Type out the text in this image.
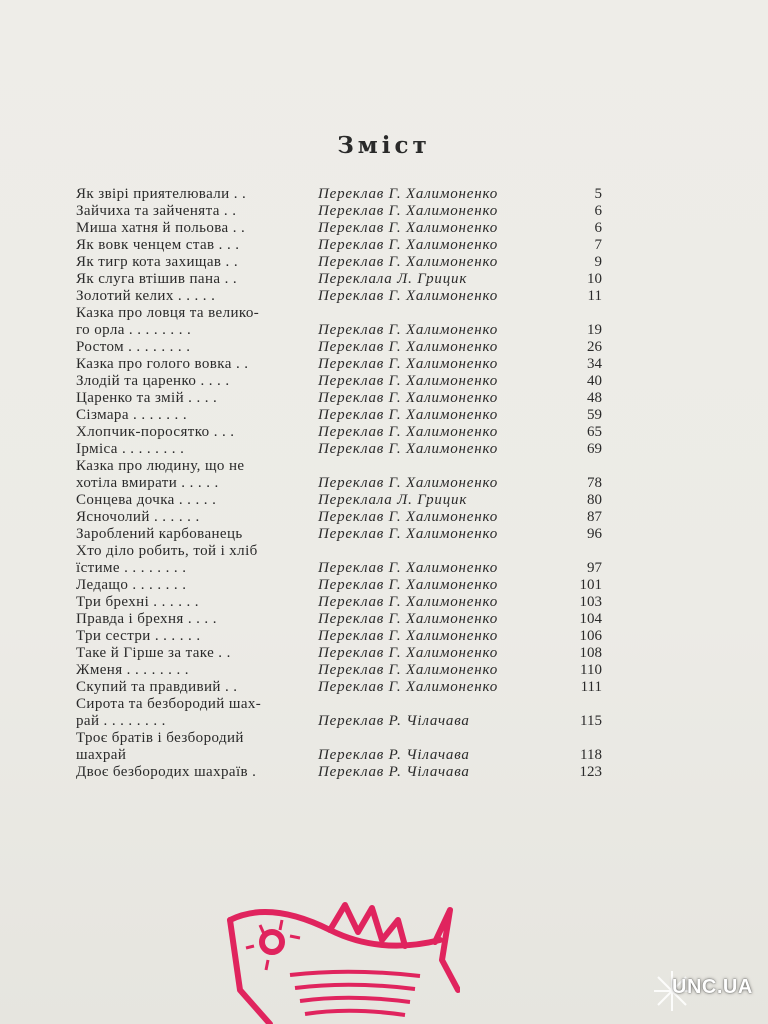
Зміст
Як звірі приятелювали . .	Переклав Г. Халимоненко	5
Зайчиха та зайченята . .	Переклав Г. Халимоненко	6
Миша хатня й польова . .	Переклав Г. Халимоненко	6
Як вовк ченцем став . . .	Переклав Г. Халимоненко	7
Як тигр кота захищав . .	Переклав Г. Халимоненко	9
Як слуга втішив пана . .	Переклала Л. Грицик	10
Золотий келих . . . . .	Переклав Г. Халимоненко	11
Казка про ловця та велико-
го орла . . . . . . . .	Переклав Г. Халимоненко	19
Ростом . . . . . . . .	Переклав Г. Халимоненко	26
Казка про голого вовка . .	Переклав Г. Халимоненко	34
Злодій та царенко . . . .	Переклав Г. Халимоненко	40
Царенко та змій . . . .	Переклав Г. Халимоненко	48
Сізмара . . . . . . .	Переклав Г. Халимоненко	59
Хлопчик-поросятко . . .	Переклав Г. Халимоненко	65
Ірміса . . . . . . . .	Переклав Г. Халимоненко	69
Казка про людину, що не
хотіла вмирати . . . . .	Переклав Г. Халимоненко	78
Сонцева дочка . . . . .	Переклала Л. Грицик	80
Ясночолий . . . . . .	Переклав Г. Халимоненко	87
Зароблений карбованець	Переклав Г. Халимоненко	96
Хто діло робить, той і хліб
їстиме . . . . . . . .	Переклав Г. Халимоненко	97
Ледащо . . . . . . .	Переклав Г. Халимоненко	101
Три брехні . . . . . .	Переклав Г. Халимоненко	103
Правда і брехня . . . .	Переклав Г. Халимоненко	104
Три сестри . . . . . .	Переклав Г. Халимоненко	106
Таке й Гірше за таке . .	Переклав Г. Халимоненко	108
Жменя . . . . . . . .	Переклав Г. Халимоненко	110
Скупий та правдивий . .	Переклав Г. Халимоненко	111
Сирота та безбородий шах-
рай . . . . . . . .	Переклав Р. Чілачава	115
Троє братів і безбородий
шахрай	Переклав Р. Чілачава	118
Двоє безбородих шахраїв .	Переклав Р. Чілачава	123
UNC.UA
